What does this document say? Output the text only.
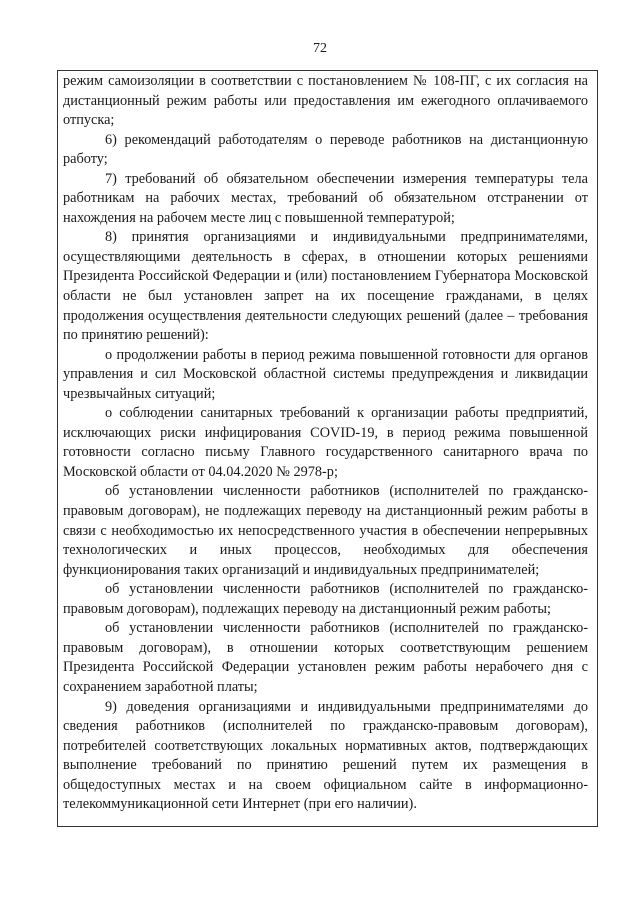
72

режим самоизоляции в соответствии с постановлением № 108-ПГ, с их согласия на дистанционный режим работы или предоставления им ежегодного оплачиваемого отпуска;

6) рекомендаций работодателям о переводе работников на дистанционную работу;

7) требований об обязательном обеспечении измерения температуры тела работникам на рабочих местах, требований об обязательном отстранении от нахождения на рабочем месте лиц с повышенной температурой;

8) принятия организациями и индивидуальными предпринимателями, осуществляющими деятельность в сферах, в отношении которых решениями Президента Российской Федерации и (или) постановлением Губернатора Московской области не был установлен запрет на их посещение гражданами, в целях продолжения осуществления деятельности следующих решений (далее – требования по принятию решений):

о продолжении работы в период режима повышенной готовности для органов управления и сил Московской областной системы предупреждения и ликвидации чрезвычайных ситуаций;

о соблюдении санитарных требований к организации работы предприятий, исключающих риски инфицирования COVID-19, в период режима повышенной готовности согласно письму Главного государственного санитарного врача по Московской области от 04.04.2020 № 2978-р;

об установлении численности работников (исполнителей по гражданско-правовым договорам), не подлежащих переводу на дистанционный режим работы в связи с необходимостью их непосредственного участия в обеспечении непрерывных технологических и иных процессов, необходимых для обеспечения функционирования таких организаций и индивидуальных предпринимателей;

об установлении численности работников (исполнителей по гражданско-правовым договорам), подлежащих переводу на дистанционный режим работы;

об установлении численности работников (исполнителей по гражданско-правовым договорам), в отношении которых соответствующим решением Президента Российской Федерации установлен режим работы нерабочего дня с сохранением заработной платы;

9) доведения организациями и индивидуальными предпринимателями до сведения работников (исполнителей по гражданско-правовым договорам), потребителей соответствующих локальных нормативных актов, подтверждающих выполнение требований по принятию решений путем их размещения в общедоступных местах и на своем официальном сайте в информационно-телекоммуникационной сети Интернет (при его наличии).
